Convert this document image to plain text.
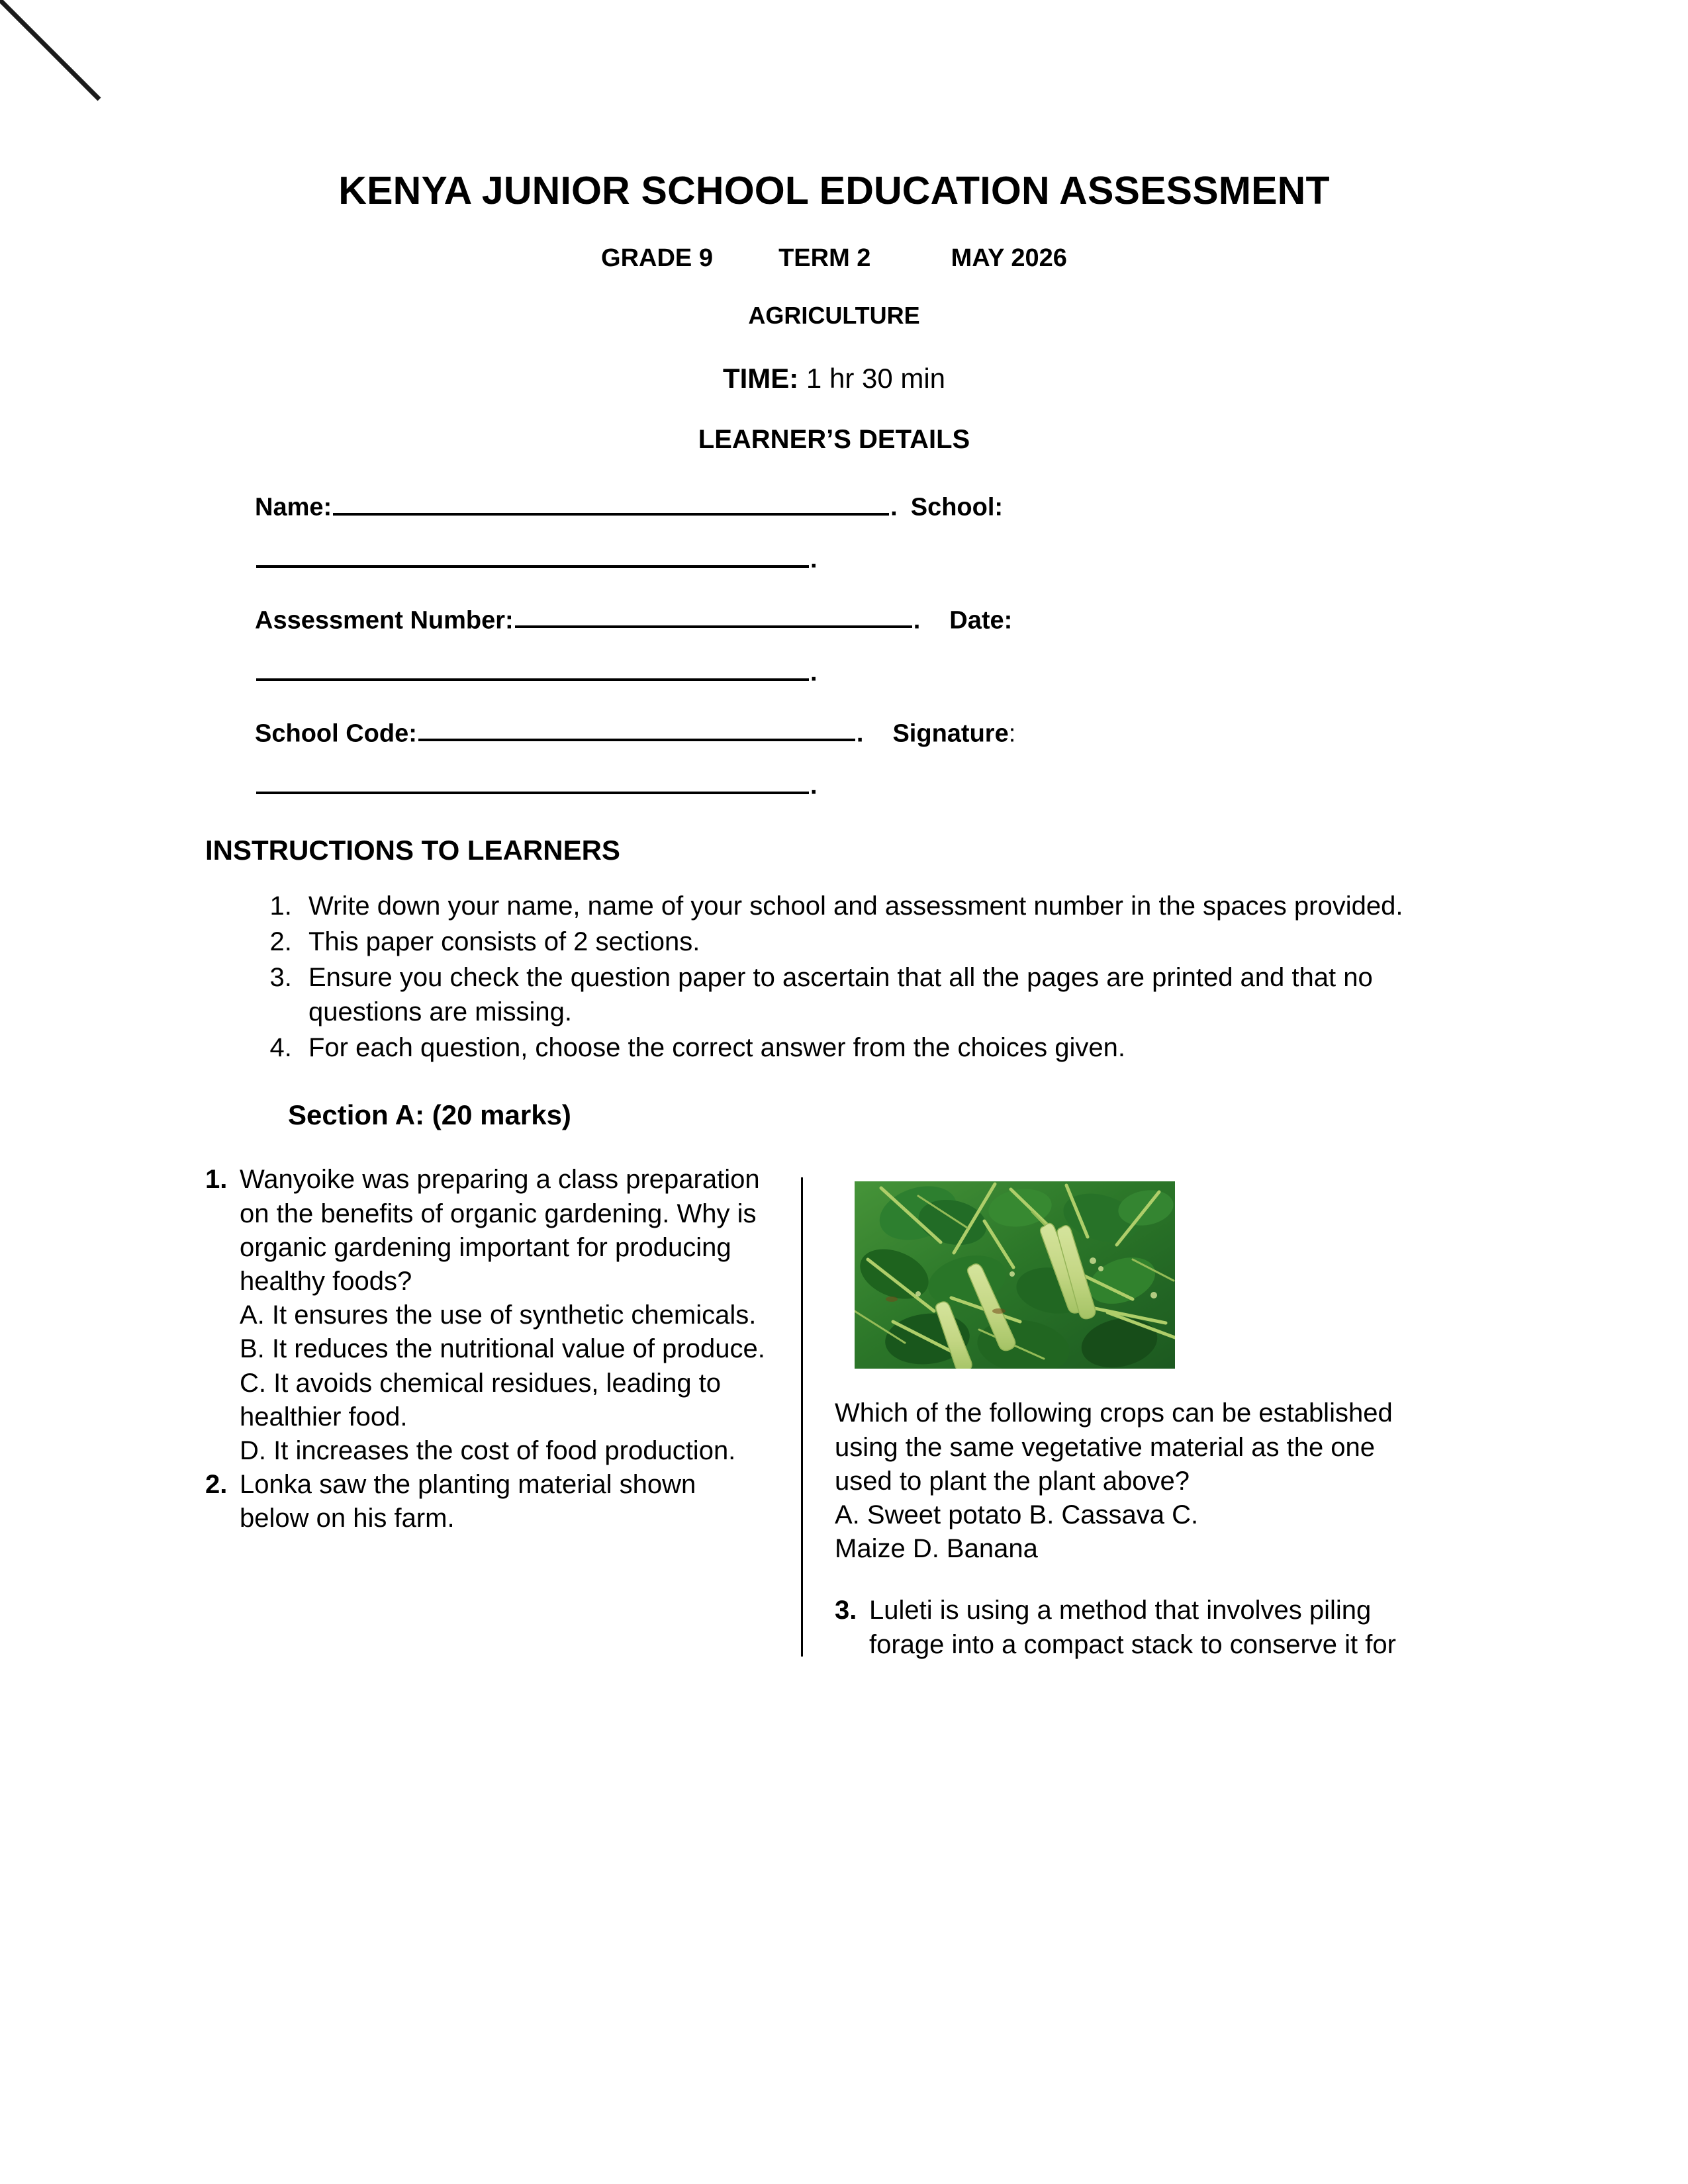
KENYA JUNIOR SCHOOL EDUCATION ASSESSMENT
GRADE 9	TERM 2	MAY 2026
AGRICULTURE
TIME: 1 hr 30 min
LEARNER’S DETAILS
Name:	. School:
.
Assessment Number:	. Date:
.
School Code:	. Signature:
.
INSTRUCTIONS TO LEARNERS
1. Write down your name, name of your school and assessment number in the spaces provided.
2. This paper consists of 2 sections.
3. Ensure you check the question paper to ascertain that all the pages are printed and that no questions are missing.
4. For each question, choose the correct answer from the choices given.
Section A: (20 marks)
1. Wanyoike was preparing a class preparation on the benefits of organic gardening. Why is organic gardening important for producing healthy foods?

A. It ensures the use of synthetic chemicals.

B. It reduces the nutritional value of produce.

C. It avoids chemical residues, leading to healthier food.

D. It increases the cost of food production.

2. Lonka saw the planting material shown below on his farm.

Which of the following crops can be established using the same vegetative material as the one used to plant the plant above?

A. Sweet potato B. Cassava C.

Maize D. Banana

3. Luleti is using a method that involves piling forage into a compact stack to conserve it for
